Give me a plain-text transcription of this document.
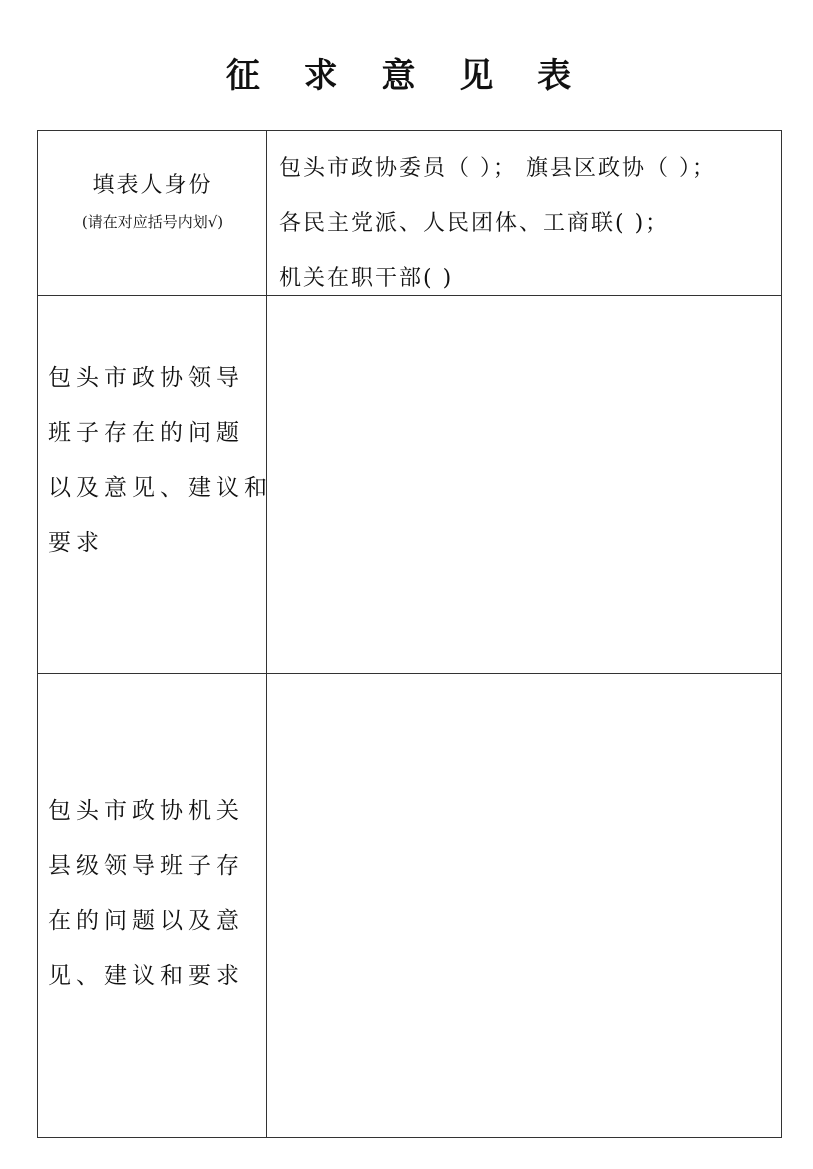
征 求 意 见 表
填表人身份
(请在对应括号内划√)
包头市政协委员（ ）； 旗县区政协（ ）；
各民主党派、人民团体、工商联( )；
机关在职干部( )
包头市政协领导
班子存在的问题
以及意见、建议和
要求
包头市政协机关
县级领导班子存
在的问题以及意
见、建议和要求
